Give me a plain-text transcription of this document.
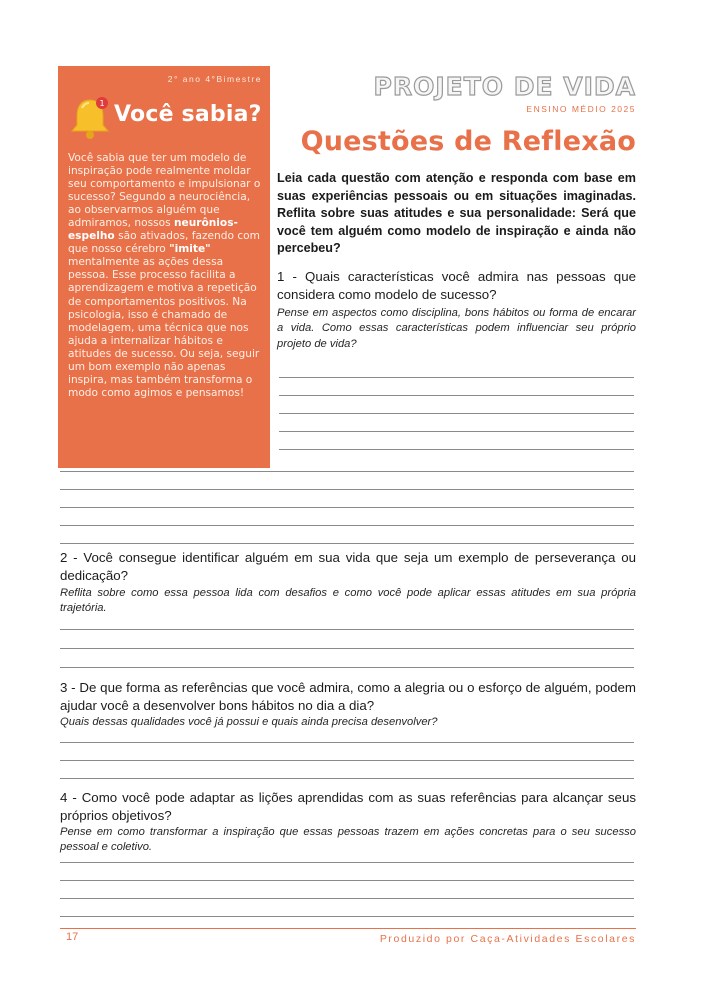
2° ano 4°Bimestre
1 Você sabia?
Você sabia que ter um modelo de inspiração pode realmente moldar seu comportamento e impulsionar o sucesso? Segundo a neurociência, ao observarmos alguém que admiramos, nossos neurônios-espelho são ativados, fazendo com que nosso cérebro "imite" mentalmente as ações dessa pessoa. Esse processo facilita a aprendizagem e motiva a repetição de comportamentos positivos. Na psicologia, isso é chamado de modelagem, uma técnica que nos ajuda a internalizar hábitos e atitudes de sucesso. Ou seja, seguir um bom exemplo não apenas inspira, mas também transforma o modo como agimos e pensamos!
PROJETO DE VIDA
ENSINO MÉDIO 2025
Questões de Reflexão
Leia cada questão com atenção e responda com base em suas experiências pessoais ou em situações imaginadas. Reflita sobre suas atitudes e sua personalidade: Será que você tem alguém como modelo de inspiração e ainda não percebeu?
1 - Quais características você admira nas pessoas que considera como modelo de sucesso?
Pense em aspectos como disciplina, bons hábitos ou forma de encarar a vida. Como essas características podem influenciar seu próprio projeto de vida?
2 - Você consegue identificar alguém em sua vida que seja um exemplo de perseverança ou dedicação?
Reflita sobre como essa pessoa lida com desafios e como você pode aplicar essas atitudes em sua própria trajetória.
3 - De que forma as referências que você admira, como a alegria ou o esforço de alguém, podem ajudar você a desenvolver bons hábitos no dia a dia?
Quais dessas qualidades você já possui e quais ainda precisa desenvolver?
4 - Como você pode adaptar as lições aprendidas com as suas referências para alcançar seus próprios objetivos?
Pense em como transformar a inspiração que essas pessoas trazem em ações concretas para o seu sucesso pessoal e coletivo.
17	Produzido por Caça-Atividades Escolares
